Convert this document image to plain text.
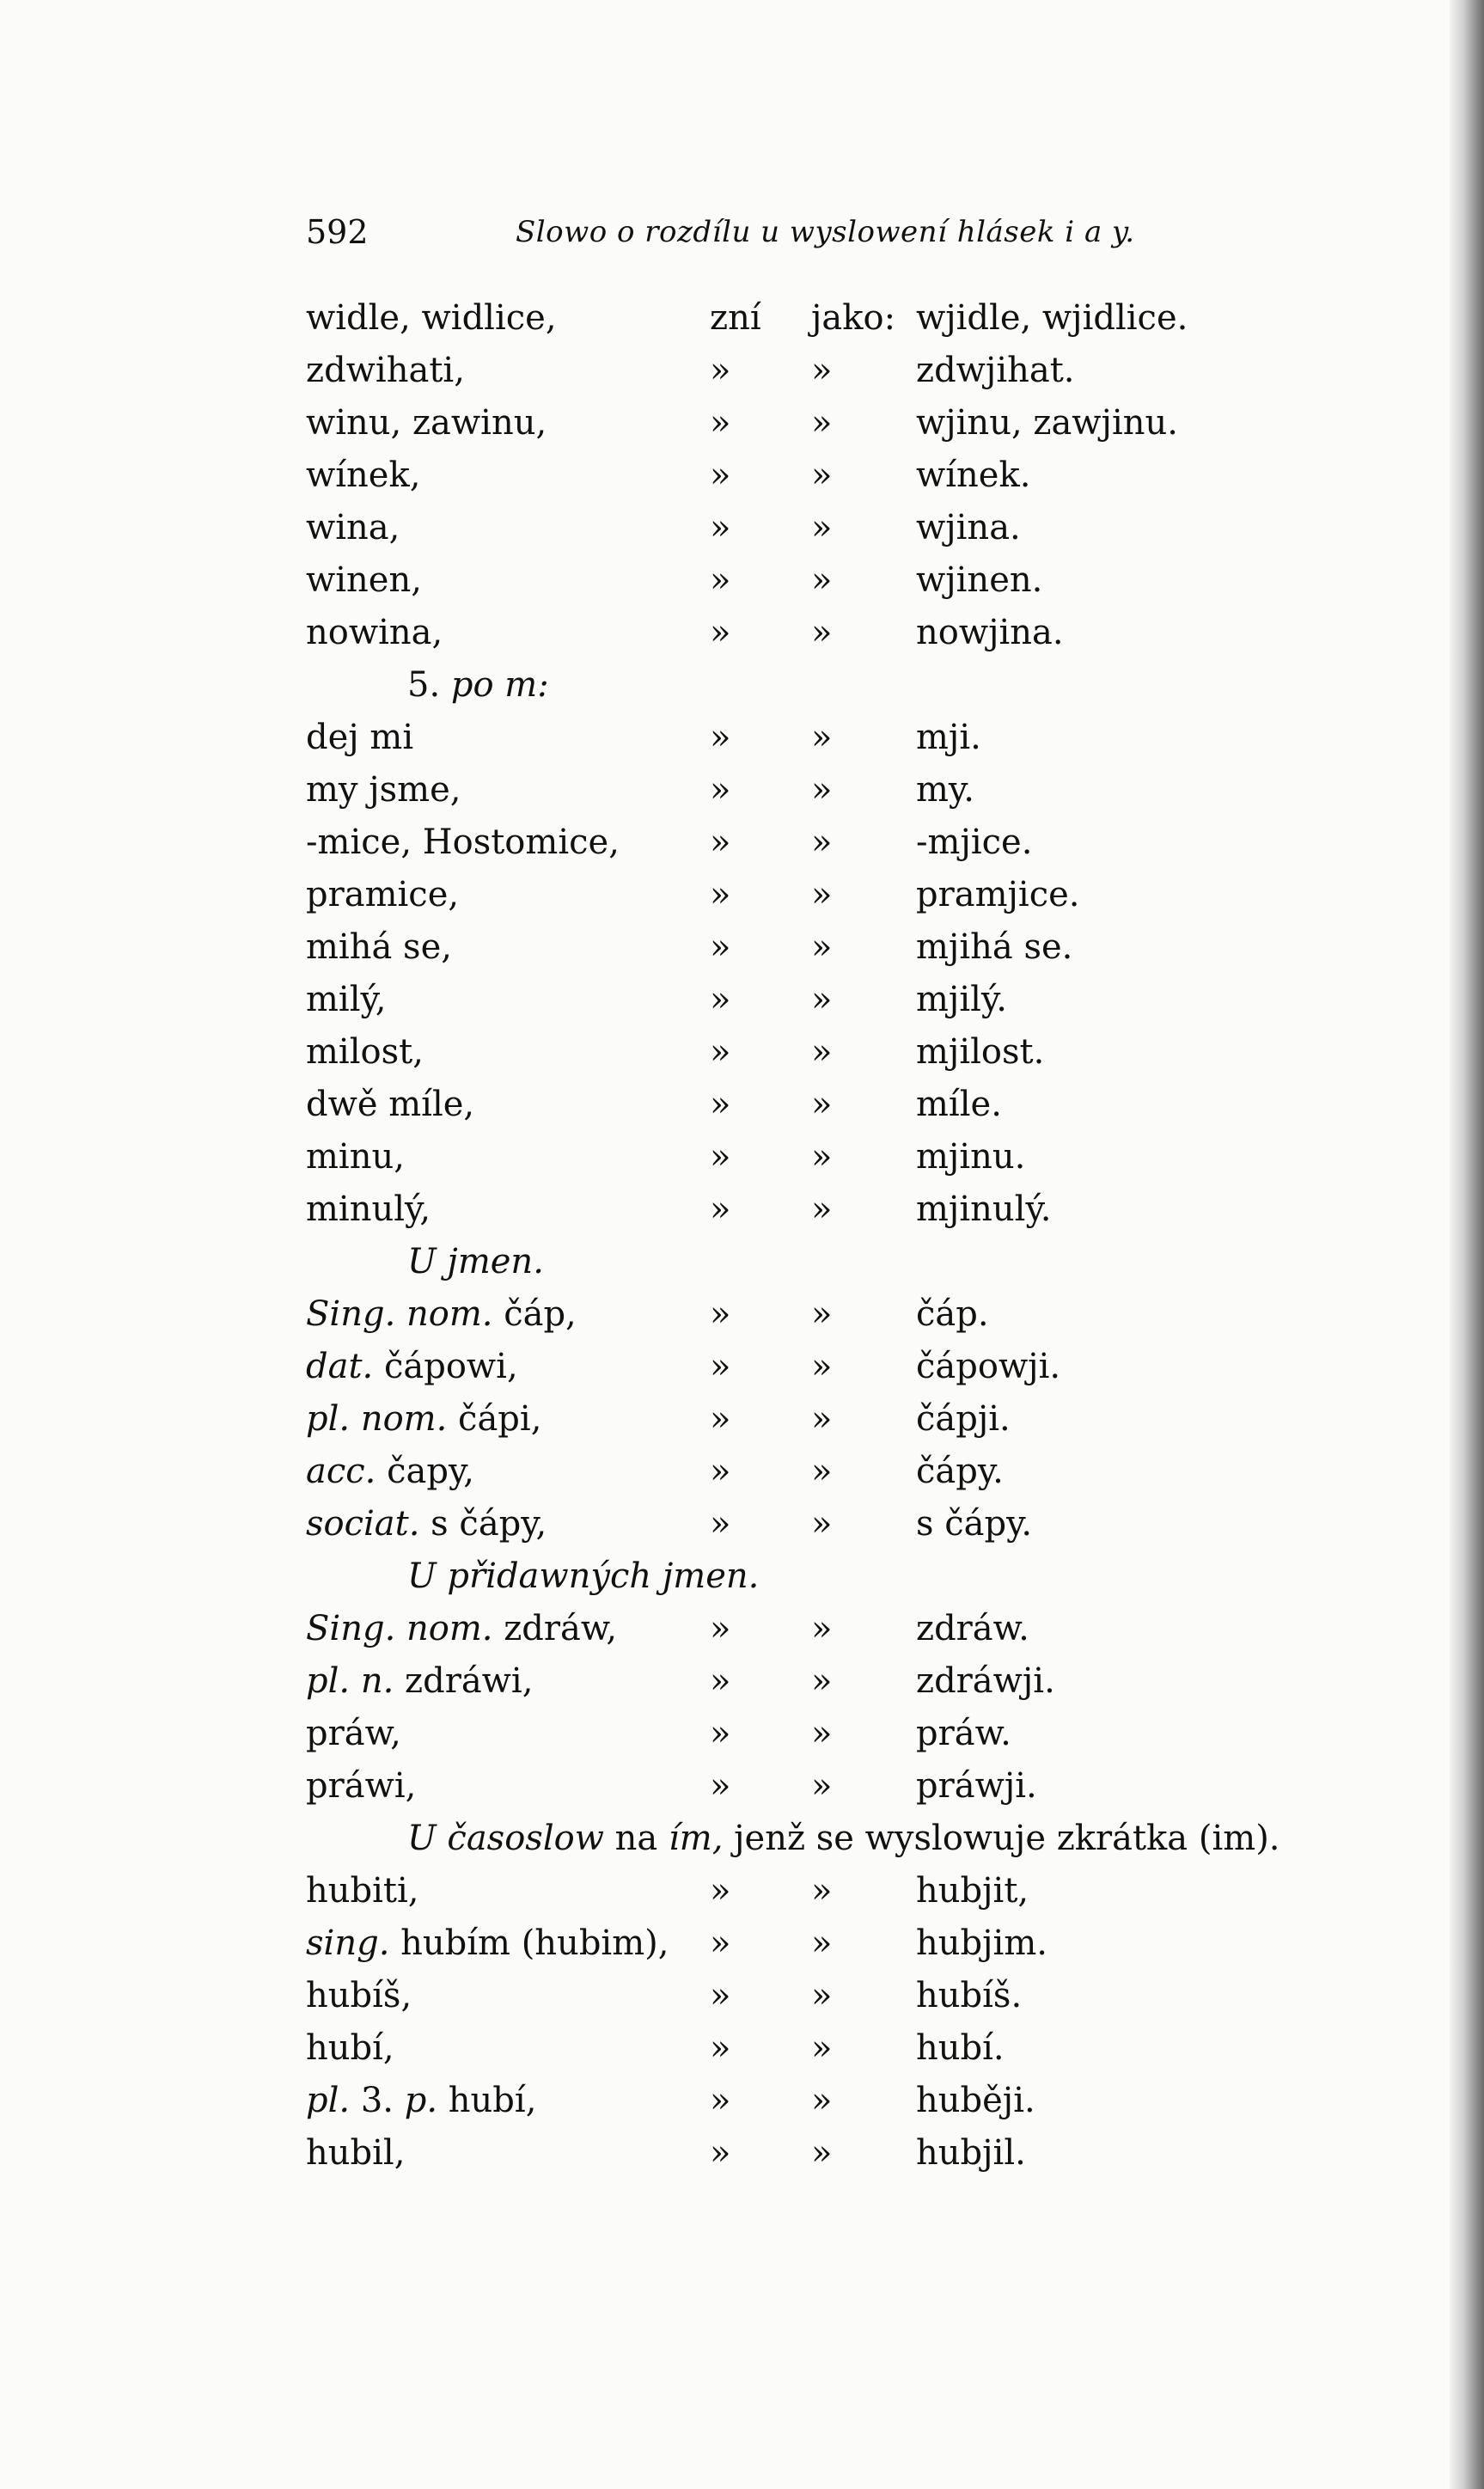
592	Slowo o rozdílu u wyslowení hlásek i a y.
widle, widlice,	zní jako: wjidle, wjidlice.
zdwihati,	» » zdwjihat.
winu, zawinu,	» » wjinu, zawjinu.
wínek,	» » wínek.
wina,	» » wjina.
winen,	» » wjinen.
nowina,	» » nowjina.
5. po m:
dej mi	» » mji.
my jsme,	» » my.
-mice, Hostomice,	» » -mjice.
pramice,	» » pramjice.
mihá se,	» » mjihá se.
milý,	» » mjilý.
milost,	» » mjilost.
dwě míle,	» » míle.
minu,	» » mjinu.
minulý,	» » mjinulý.
U jmen.
Sing. nom. čáp,	» » čáp.
dat. čápowi,	» » čápowji.
pl. nom. čápi,	» » čápji.
acc. čapy,	» » čápy.
sociat. s čápy,	» » s čápy.
U přidawných jmen.
Sing. nom. zdráw,	» » zdráw.
pl. n. zdráwi,	» » zdráwji.
práw,	» » práw.
práwi,	» » práwji.
U časoslow na ím, jenž se wyslowuje zkrátka (im).
hubiti,	» » hubjit,
sing. hubím (hubim), » » hubjim.
hubíš,	» » hubíš.
hubí,	» » hubí.
pl. 3. p. hubí,	» » huběji.
hubil,	» » hubjil.
